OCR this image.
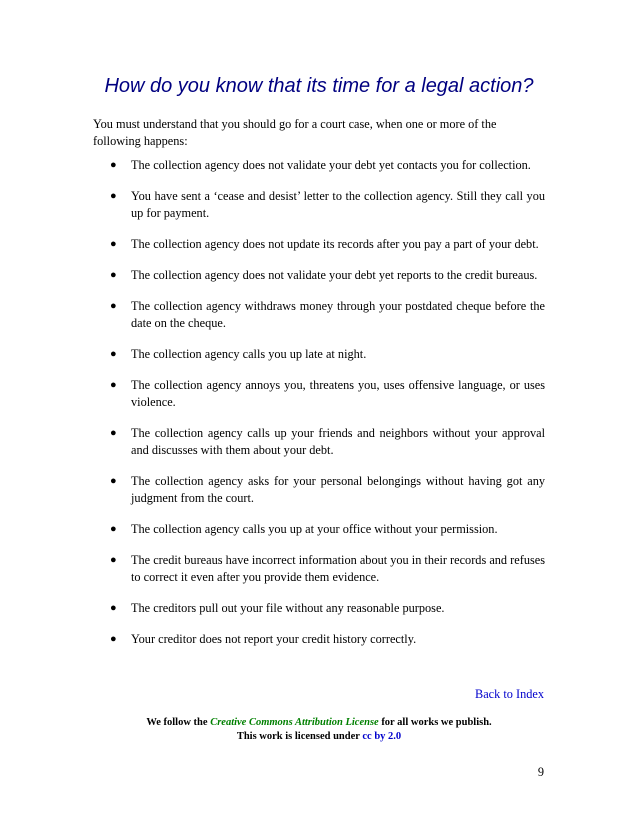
How do you know that its time for a legal action?

You must understand that you should go for a court case, when one or more of the following happens:

● The collection agency does not validate your debt yet contacts you for collection.
● You have sent a ‘cease and desist’ letter to the collection agency. Still they call you up for payment.
● The collection agency does not update its records after you pay a part of your debt.
● The collection agency does not validate your debt yet reports to the credit bureaus.
● The collection agency withdraws money through your postdated cheque before the date on the cheque.
● The collection agency calls you up late at night.
● The collection agency annoys you, threatens you, uses offensive language, or uses violence.
● The collection agency calls up your friends and neighbors without your approval and discusses with them about your debt.
● The collection agency asks for your personal belongings without having got any judgment from the court.
● The collection agency calls you up at your office without your permission.
● The credit bureaus have incorrect information about you in their records and refuses to correct it even after you provide them evidence.
● The creditors pull out your file without any reasonable purpose.
● Your creditor does not report your credit history correctly.
Back to Index
We follow the Creative Commons Attribution License for all works we publish.
This work is licensed under cc by 2.0
9
